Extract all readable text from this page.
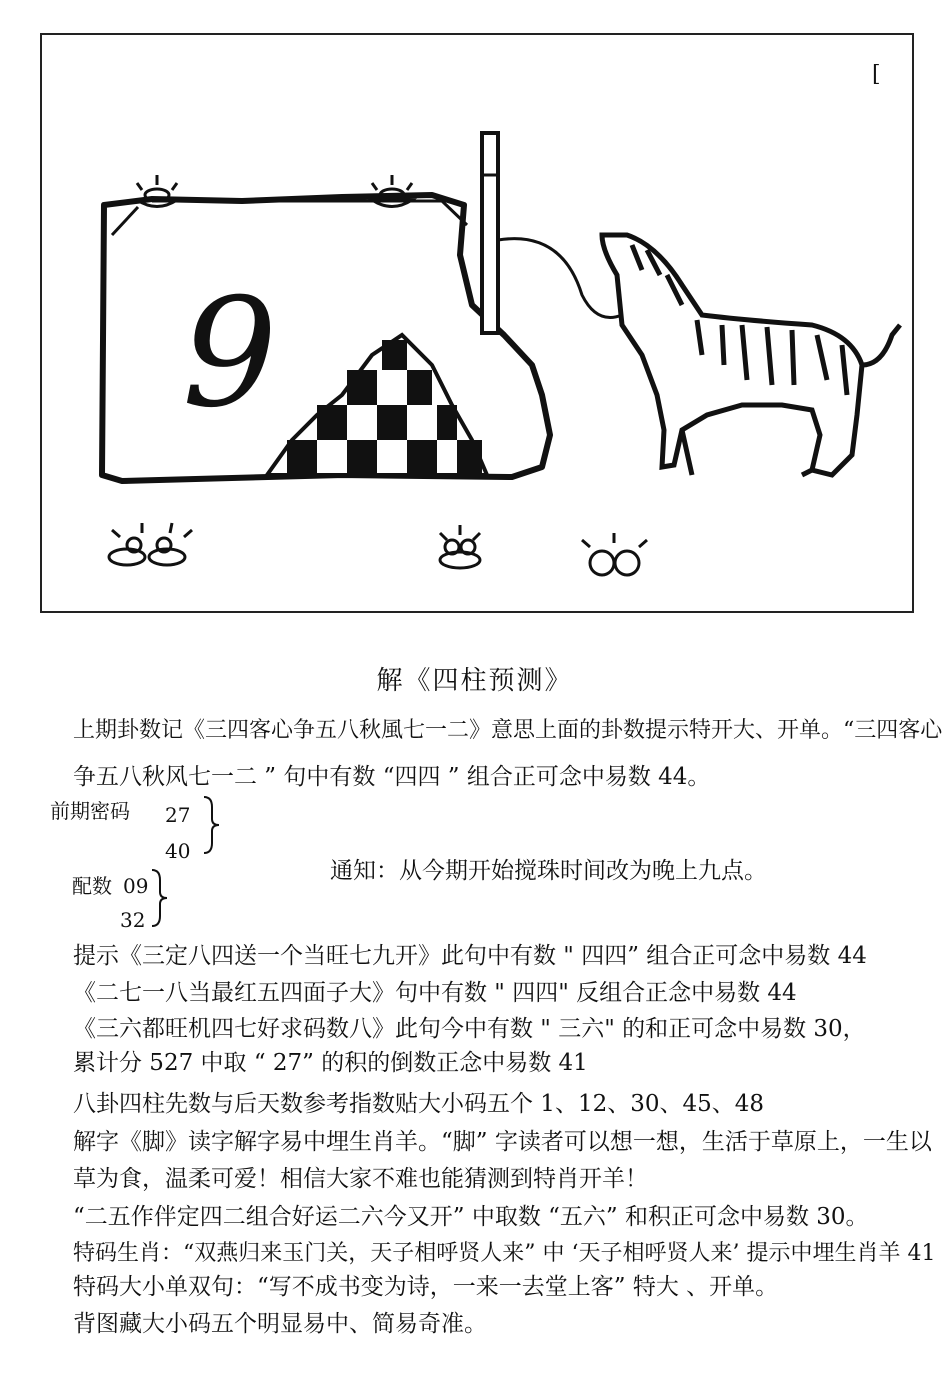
9
[
解《四柱预测》
上期卦数记《三四客心争五八秋風七一二》意思上面的卦数提示特开大、开单。“三四客心
争五八秋风七一二 ” 句中有数 “四四 ” 组合正可念中易数 44。
前期密码 27
40
配数 09
32
通知：从今期开始搅珠时间改为晚上九点。
提示《三定八四送一个当旺七九开》此句中有数 " 四四” 组合正可念中易数 44
《二七一八当最红五四面子大》句中有数 " 四四" 反组合正念中易数 44
《三六都旺机四七好求码数八》此句今中有数 " 三六" 的和正可念中易数 30，
累计分 527 中取 “ 27” 的积的倒数正念中易数 41
八卦四柱先数与后天数参考指数贴大小码五个 1、12、30、45、48
解字《脚》读字解字易中埋生肖羊。“脚” 字读者可以想一想，生活于草原上，一生以
草为食，温柔可爱！相信大家不难也能猜测到特肖开羊！
“二五作伴定四二组合好运二六今又开” 中取数 “五六” 和积正可念中易数 30。
特码生肖：“双燕归来玉门关，天子相呼贤人来” 中 ‘天子相呼贤人来’ 提示中埋生肖羊 41
特码大小单双句：“写不成书变为诗，一来一去堂上客” 特大 、开单。
背图藏大小码五个明显易中、简易奇准。
